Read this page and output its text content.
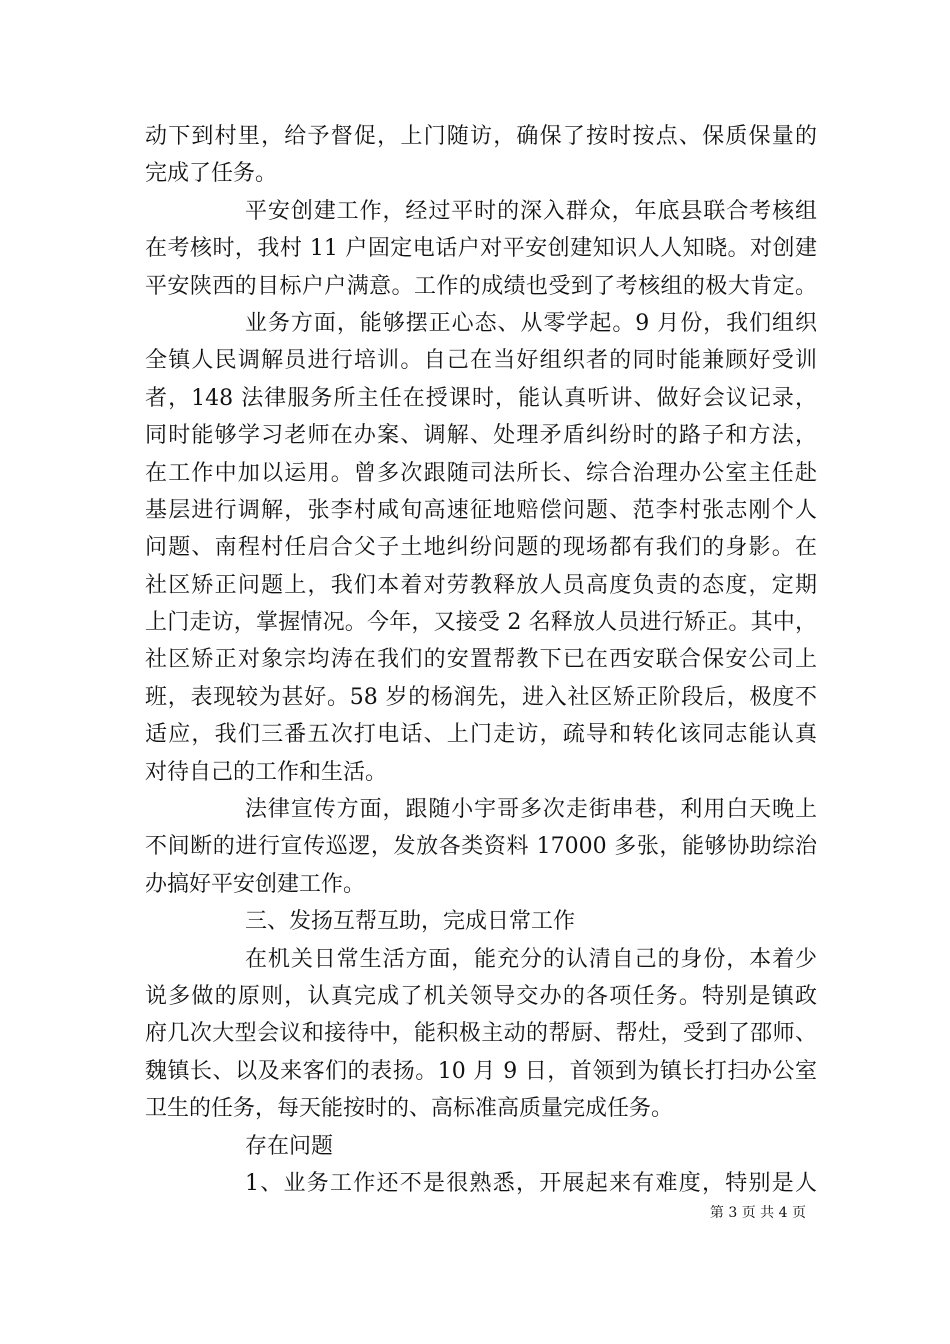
动下到村里，给予督促，上门随访，确保了按时按点、保质保量的
完成了任务。
平安创建工作，经过平时的深入群众，年底县联合考核组
在考核时，我村 11 户固定电话户对平安创建知识人人知晓。对创建
平安陕西的目标户户满意。工作的成绩也受到了考核组的极大肯定。
业务方面，能够摆正心态、从零学起。9 月份，我们组织
全镇人民调解员进行培训。自己在当好组织者的同时能兼顾好受训
者，148 法律服务所主任在授课时，能认真听讲、做好会议记录，
同时能够学习老师在办案、调解、处理矛盾纠纷时的路子和方法，
在工作中加以运用。曾多次跟随司法所长、综合治理办公室主任赴
基层进行调解，张李村咸旬高速征地赔偿问题、范李村张志刚个人
问题、南程村任启合父子土地纠纷问题的现场都有我们的身影。在
社区矫正问题上，我们本着对劳教释放人员高度负责的态度，定期
上门走访，掌握情况。今年，又接受 2 名释放人员进行矫正。其中，
社区矫正对象宗均涛在我们的安置帮教下已在西安联合保安公司上
班，表现较为甚好。58 岁的杨润先，进入社区矫正阶段后，极度不
适应，我们三番五次打电话、上门走访，疏导和转化该同志能认真
对待自己的工作和生活。
法律宣传方面，跟随小宇哥多次走街串巷，利用白天晚上
不间断的进行宣传巡逻，发放各类资料 17000 多张，能够协助综治
办搞好平安创建工作。
三、发扬互帮互助，完成日常工作
在机关日常生活方面，能充分的认清自己的身份，本着少
说多做的原则，认真完成了机关领导交办的各项任务。特别是镇政
府几次大型会议和接待中，能积极主动的帮厨、帮灶，受到了邵师、
魏镇长、以及来客们的表扬。10 月 9 日，首领到为镇长打扫办公室
卫生的任务，每天能按时的、高标准高质量完成任务。
存在问题
1、业务工作还不是很熟悉，开展起来有难度，特别是人
第 3 页 共 4 页
